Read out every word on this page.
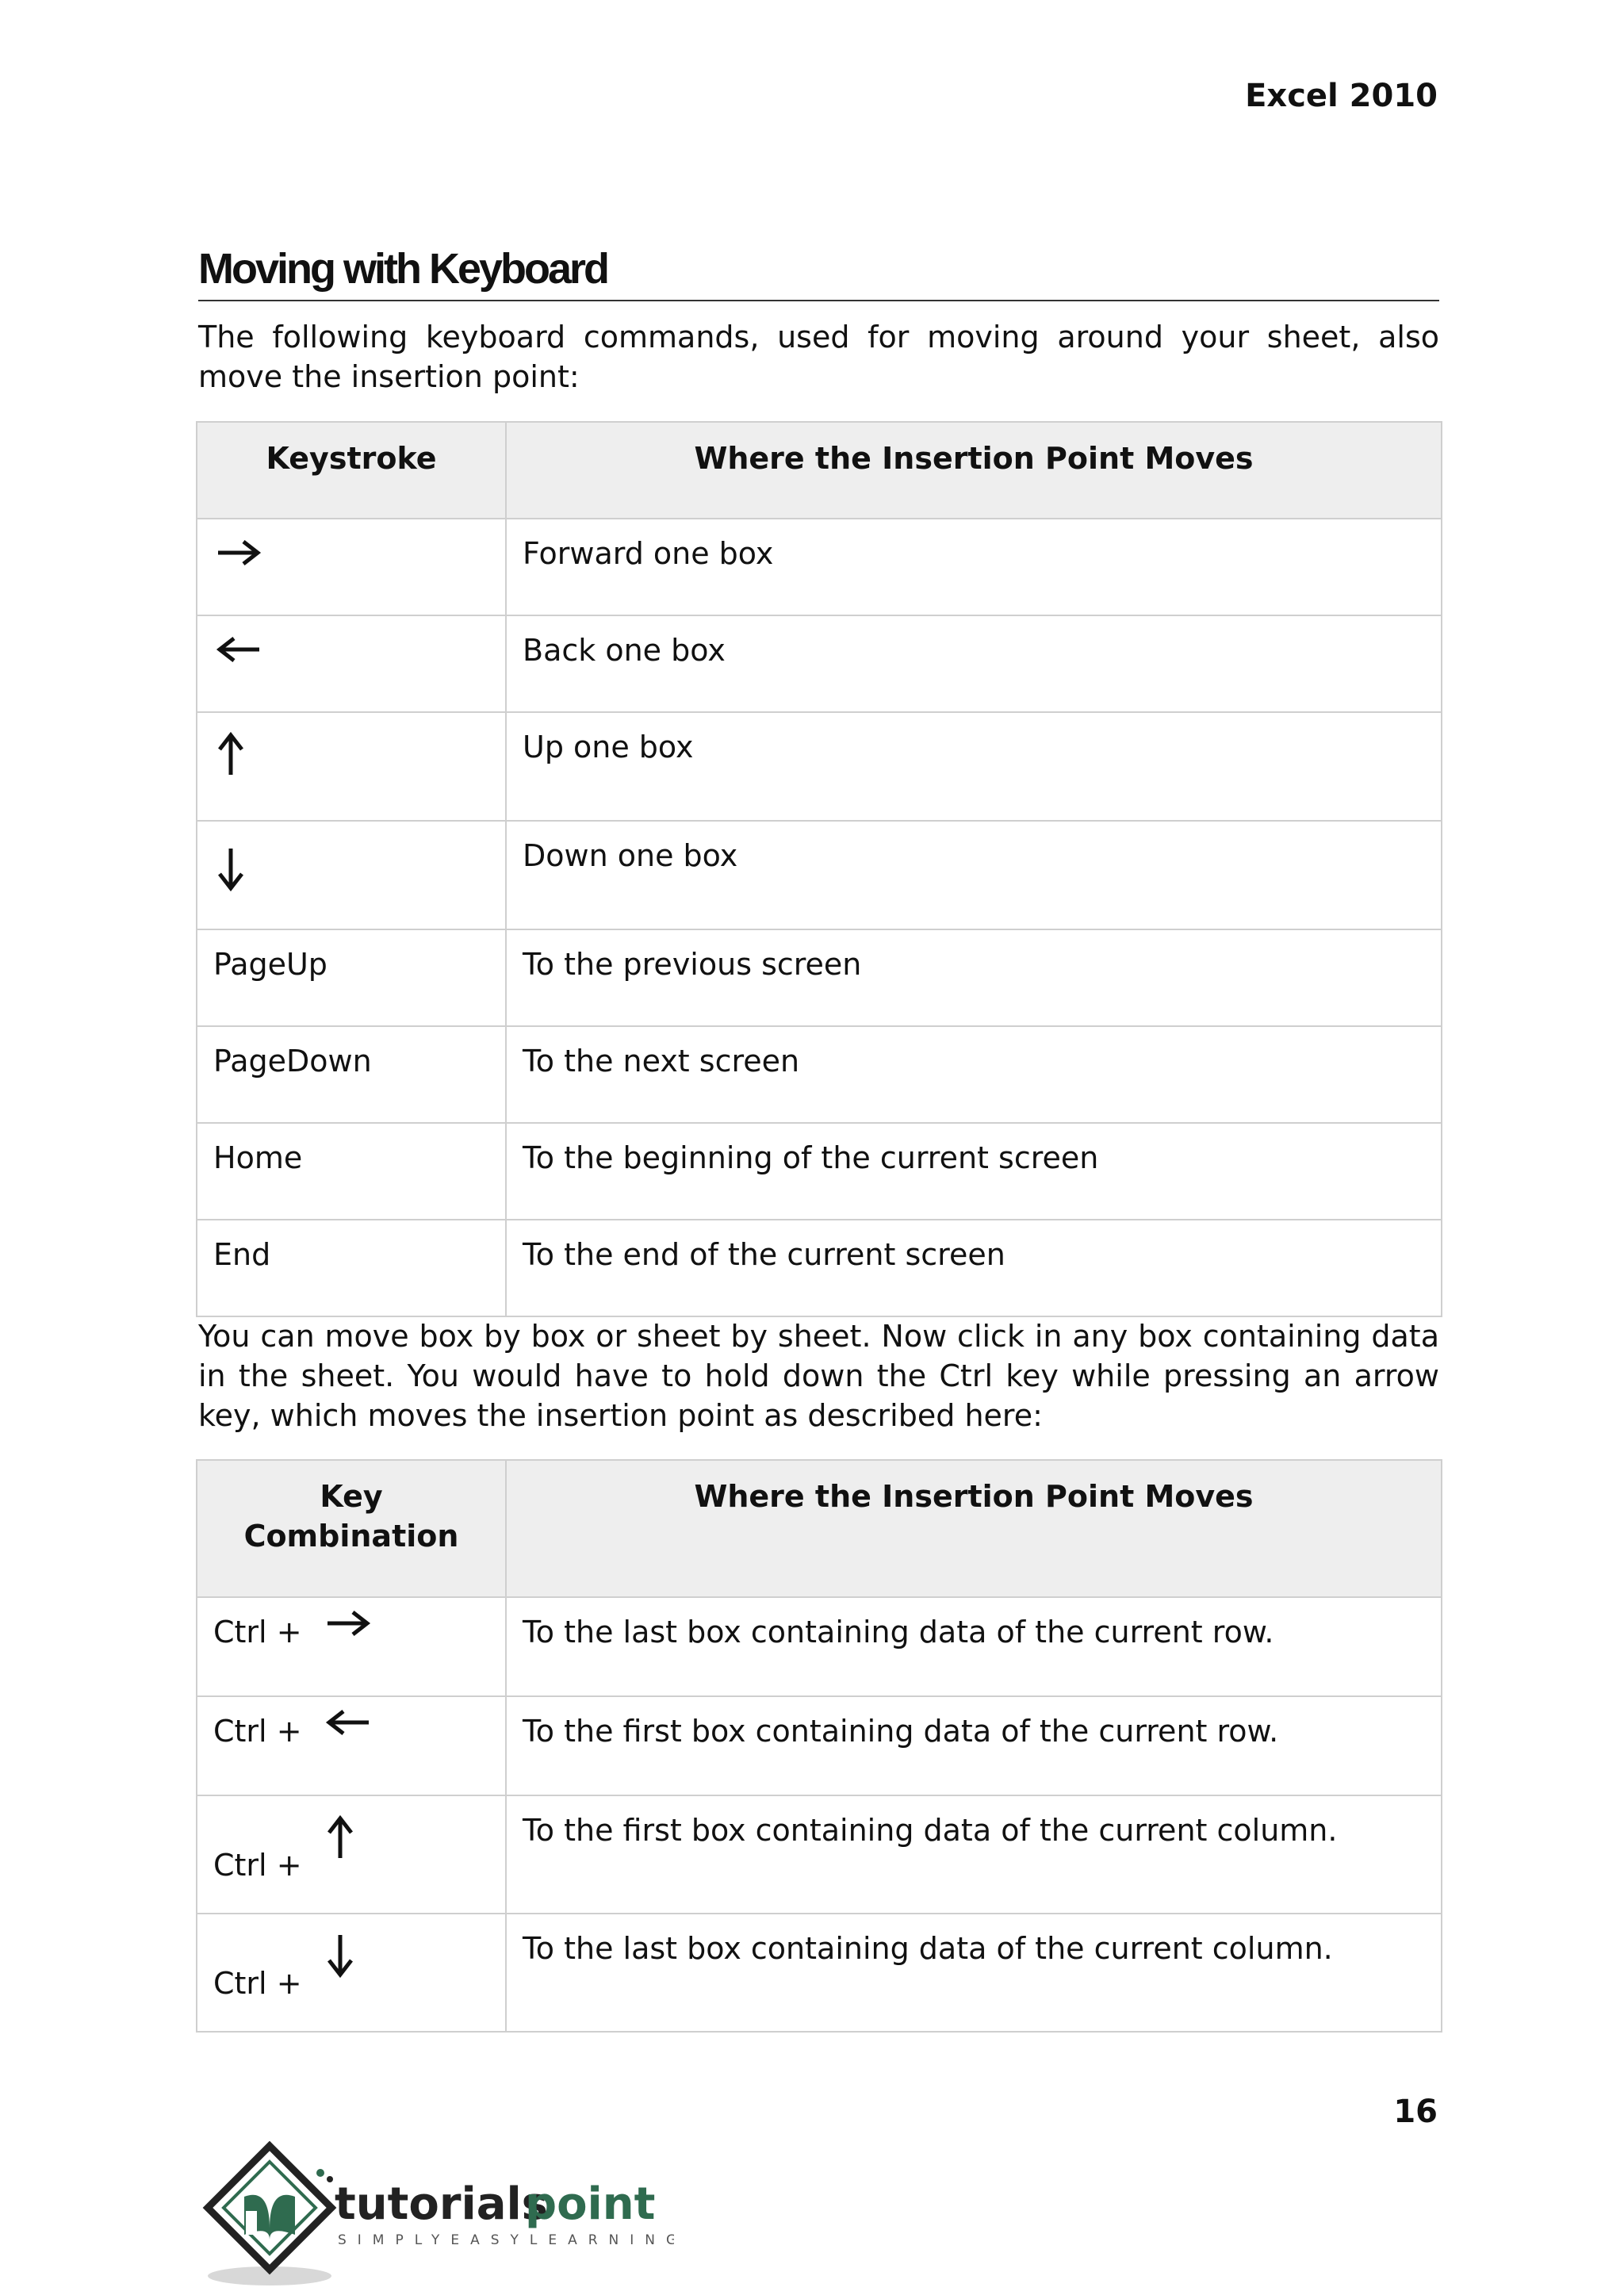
Excel 2010
Moving with Keyboard

The following keyboard commands, used for moving around your sheet, also move the insertion point:

Keystroke	Where the Insertion Point Moves

	Forward one box

	Back one box

	Up one box

	Down one box
PageUp	To the previous screen
PageDown	To the next screen
Home	To the beginning of the current screen
End	To the end of the current screen

You can move box by box or sheet by sheet. Now click in any box containing data in the sheet. You would have to hold down the Ctrl key while pressing an arrow key, which moves the insertion point as described here:

Key Combination	Where the Insertion Point Moves
Ctrl +	To the last box containing data of the current row.
Ctrl +	To the first box containing data of the current row.
Ctrl +	To the first box containing data of the current column.
Ctrl +	To the last box containing data of the current column.
16
tutorials
point
SIMPLYEASYLEARNING
